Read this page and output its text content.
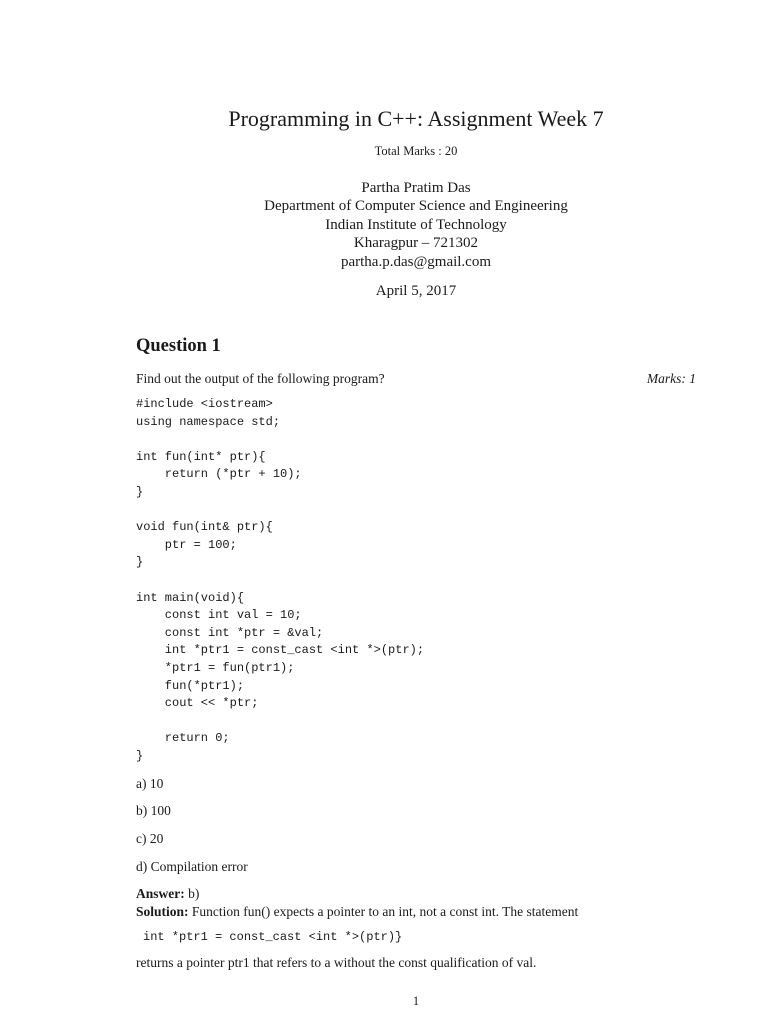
Programming in C++: Assignment Week 7
Total Marks : 20
Partha Pratim Das
Department of Computer Science and Engineering
Indian Institute of Technology
Kharagpur – 721302
partha.p.das@gmail.com
April 5, 2017
Question 1
Find out the output of the following program?	Marks: 1
#include <iostream>
using namespace std;

int fun(int* ptr){
return (*ptr + 10);
}

void fun(int& ptr){
ptr = 100;
}

int main(void){
const int val = 10;
const int *ptr = &val;
int *ptr1 = const_cast <int *>(ptr);
*ptr1 = fun(ptr1);
fun(*ptr1);
cout << *ptr;

return 0;
}
a) 10
b) 100
c) 20
d) Compilation error
Answer: b)
Solution: Function fun() expects a pointer to an int, not a const int. The statement
int *ptr1 = const_cast <int *>(ptr)}
returns a pointer ptr1 that refers to a without the const qualification of val.
1
